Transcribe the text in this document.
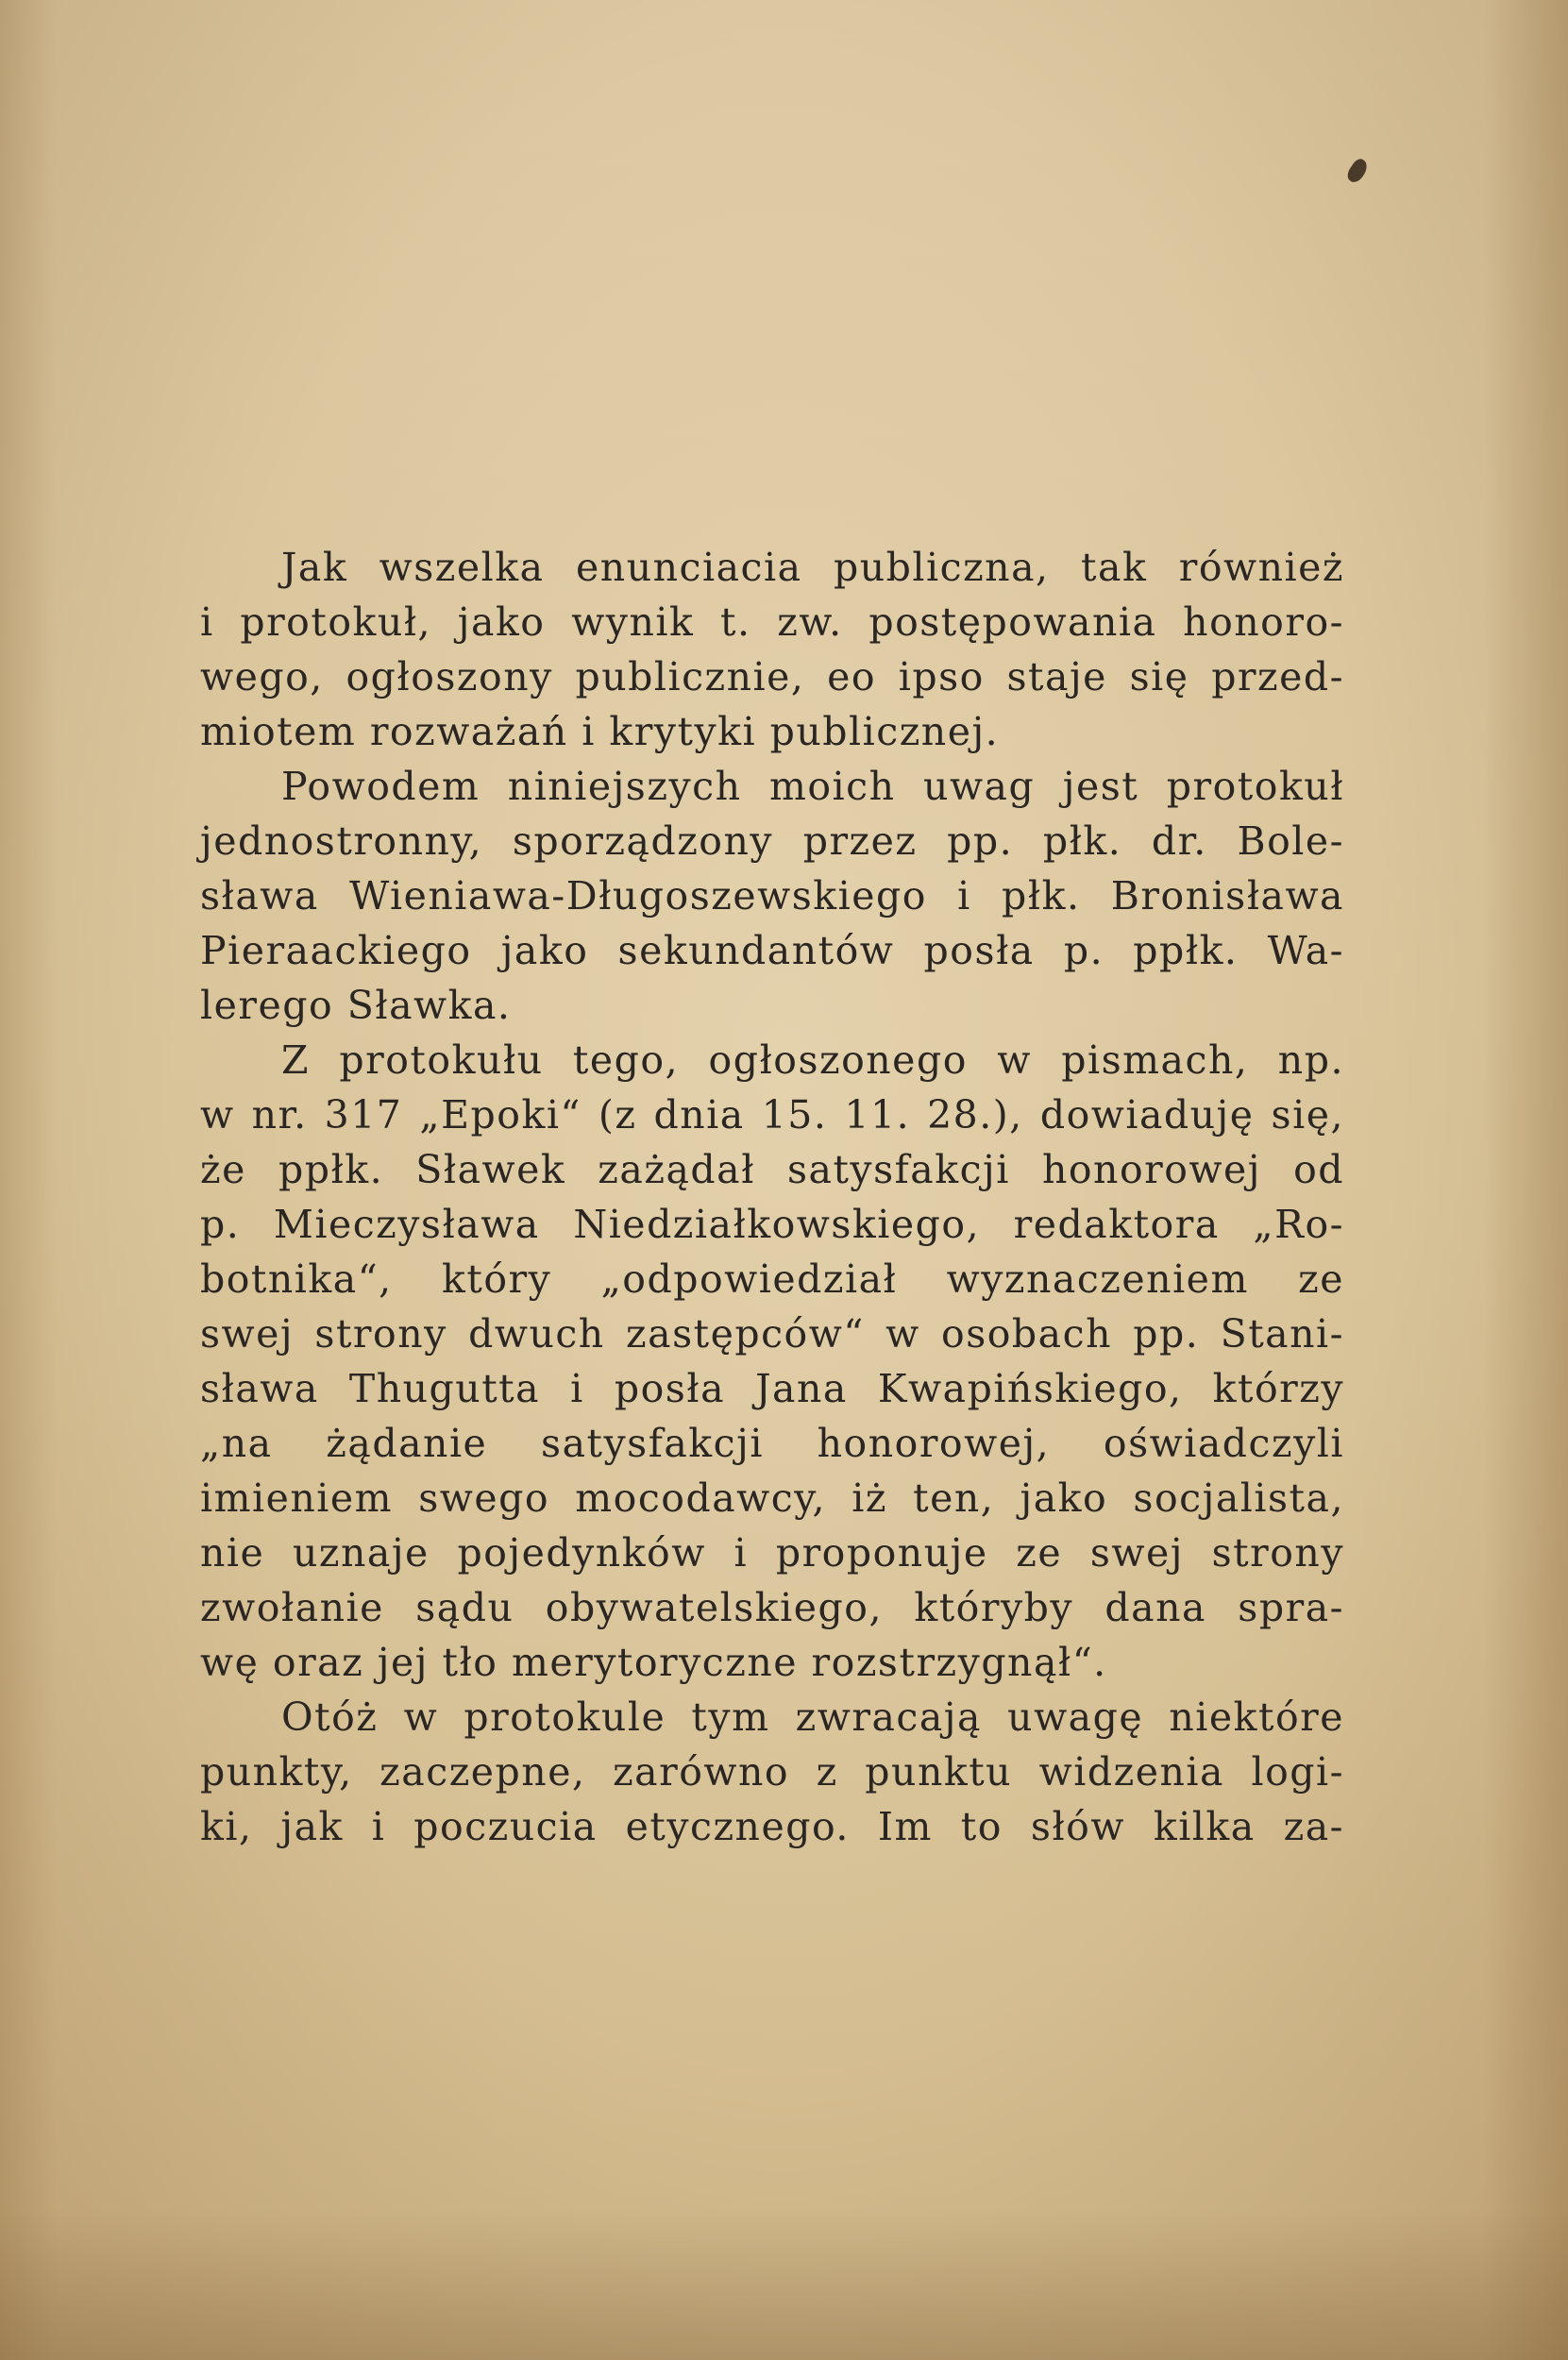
Jak wszelka enunciacia publiczna, tak również
i protokuł, jako wynik t. zw. postępowania honoro-
wego, ogłoszony publicznie, eo ipso staje się przed-
miotem rozważań i krytyki publicznej.
Powodem niniejszych moich uwag jest protokuł
jednostronny, sporządzony przez pp. płk. dr. Bole-
sława Wieniawa-Długoszewskiego i płk. Bronisława
Pieraackiego jako sekundantów posła p. ppłk. Wa-
lerego Sławka.
Z protokułu tego, ogłoszonego w pismach, np.
w nr. 317 „Epoki“ (z dnia 15. 11. 28.), dowiaduję się,
że ppłk. Sławek zażądał satysfakcji honorowej od
p. Mieczysława Niedziałkowskiego, redaktora „Ro-
botnika“, który „odpowiedział wyznaczeniem ze
swej strony dwuch zastępców“ w osobach pp. Stani-
sława Thugutta i posła Jana Kwapińskiego, którzy
„na żądanie satysfakcji honorowej, oświadczyli
imieniem swego mocodawcy, iż ten, jako socjalista,
nie uznaje pojedynków i proponuje ze swej strony
zwołanie sądu obywatelskiego, któryby dana spra-
wę oraz jej tło merytoryczne rozstrzygnął“.
Otóż w protokule tym zwracają uwagę niektóre
punkty, zaczepne, zarówno z punktu widzenia logi-
ki, jak i poczucia etycznego. Im to słów kilka za-
